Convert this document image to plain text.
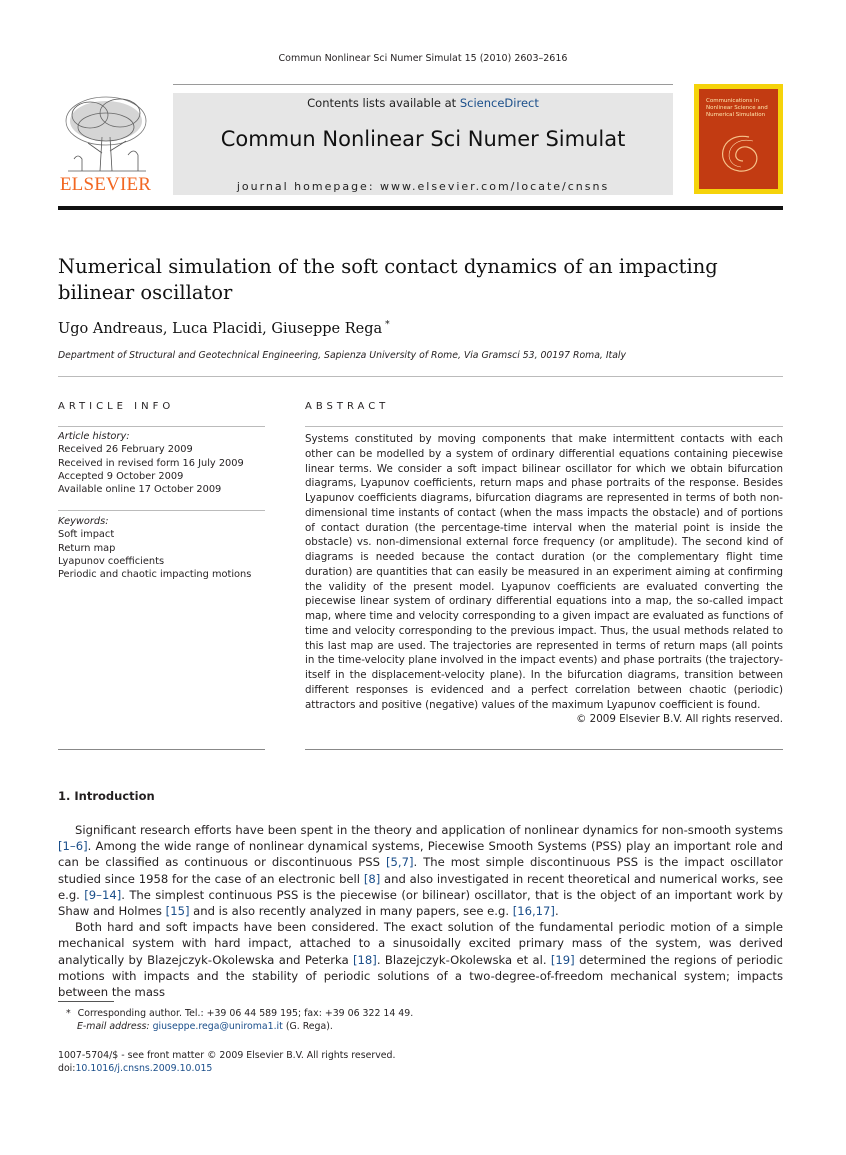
Commun Nonlinear Sci Numer Simulat 15 (2010) 2603–2616
ELSEVIER
Contents lists available at ScienceDirect
Commun Nonlinear Sci Numer Simulat
journal homepage: www.elsevier.com/locate/cnsns
Communications in Nonlinear Science and Numerical Simulation
Numerical simulation of the soft contact dynamics of an impacting bilinear oscillator
Ugo Andreaus, Luca Placidi, Giuseppe Rega *
Department of Structural and Geotechnical Engineering, Sapienza University of Rome, Via Gramsci 53, 00197 Roma, Italy
ARTICLE INFO
Article history:
Received 26 February 2009
Received in revised form 16 July 2009
Accepted 9 October 2009
Available online 17 October 2009
Keywords:
Soft impact
Return map
Lyapunov coefficients
Periodic and chaotic impacting motions
ABSTRACT
Systems constituted by moving components that make intermittent contacts with each other can be modelled by a system of ordinary differential equations containing piecewise linear terms. We consider a soft impact bilinear oscillator for which we obtain bifurcation diagrams, Lyapunov coefficients, return maps and phase portraits of the response. Besides Lyapunov coefficients diagrams, bifurcation diagrams are represented in terms of both non-dimensional time instants of contact (when the mass impacts the obstacle) and of portions of contact duration (the percentage-time interval when the material point is inside the obstacle) vs. non-dimensional external force frequency (or amplitude). The second kind of diagrams is needed because the contact duration (or the complementary flight time duration) are quantities that can easily be measured in an experiment aiming at confirming the validity of the present model. Lyapunov coefficients are evaluated converting the piecewise linear system of ordinary differential equations into a map, the so-called impact map, where time and velocity corresponding to a given impact are evaluated as functions of time and velocity corresponding to the previous impact. Thus, the usual methods related to this last map are used. The trajectories are represented in terms of return maps (all points in the time-velocity plane involved in the impact events) and phase portraits (the trajectory-itself in the displacement-velocity plane). In the bifurcation diagrams, transition between different responses is evidenced and a perfect correlation between chaotic (periodic) attractors and positive (negative) values of the maximum Lyapunov coefficient is found.
© 2009 Elsevier B.V. All rights reserved.
1. Introduction

Significant research efforts have been spent in the theory and application of nonlinear dynamics for non-smooth systems [1–6]. Among the wide range of nonlinear dynamical systems, Piecewise Smooth Systems (PSS) play an important role and can be classified as continuous or discontinuous PSS [5,7]. The most simple discontinuous PSS is the impact oscillator studied since 1958 for the case of an electronic bell [8] and also investigated in recent theoretical and numerical works, see e.g. [9–14]. The simplest continuous PSS is the piecewise (or bilinear) oscillator, that is the object of an important work by Shaw and Holmes [15] and is also recently analyzed in many papers, see e.g. [16,17].

Both hard and soft impacts have been considered. The exact solution of the fundamental periodic motion of a simple mechanical system with hard impact, attached to a sinusoidally excited primary mass of the system, was derived analytically by Blazejczyk-Okolewska and Peterka [18]. Blazejczyk-Okolewska et al. [19] determined the regions of periodic motions with impacts and the stability of periodic solutions of a two-degree-of-freedom mechanical system; impacts between the mass

* Corresponding author. Tel.: +39 06 44 589 195; fax: +39 06 322 14 49.
E-mail address: giuseppe.rega@uniroma1.it (G. Rega).
1007-5704/$ - see front matter © 2009 Elsevier B.V. All rights reserved.
doi:10.1016/j.cnsns.2009.10.015
